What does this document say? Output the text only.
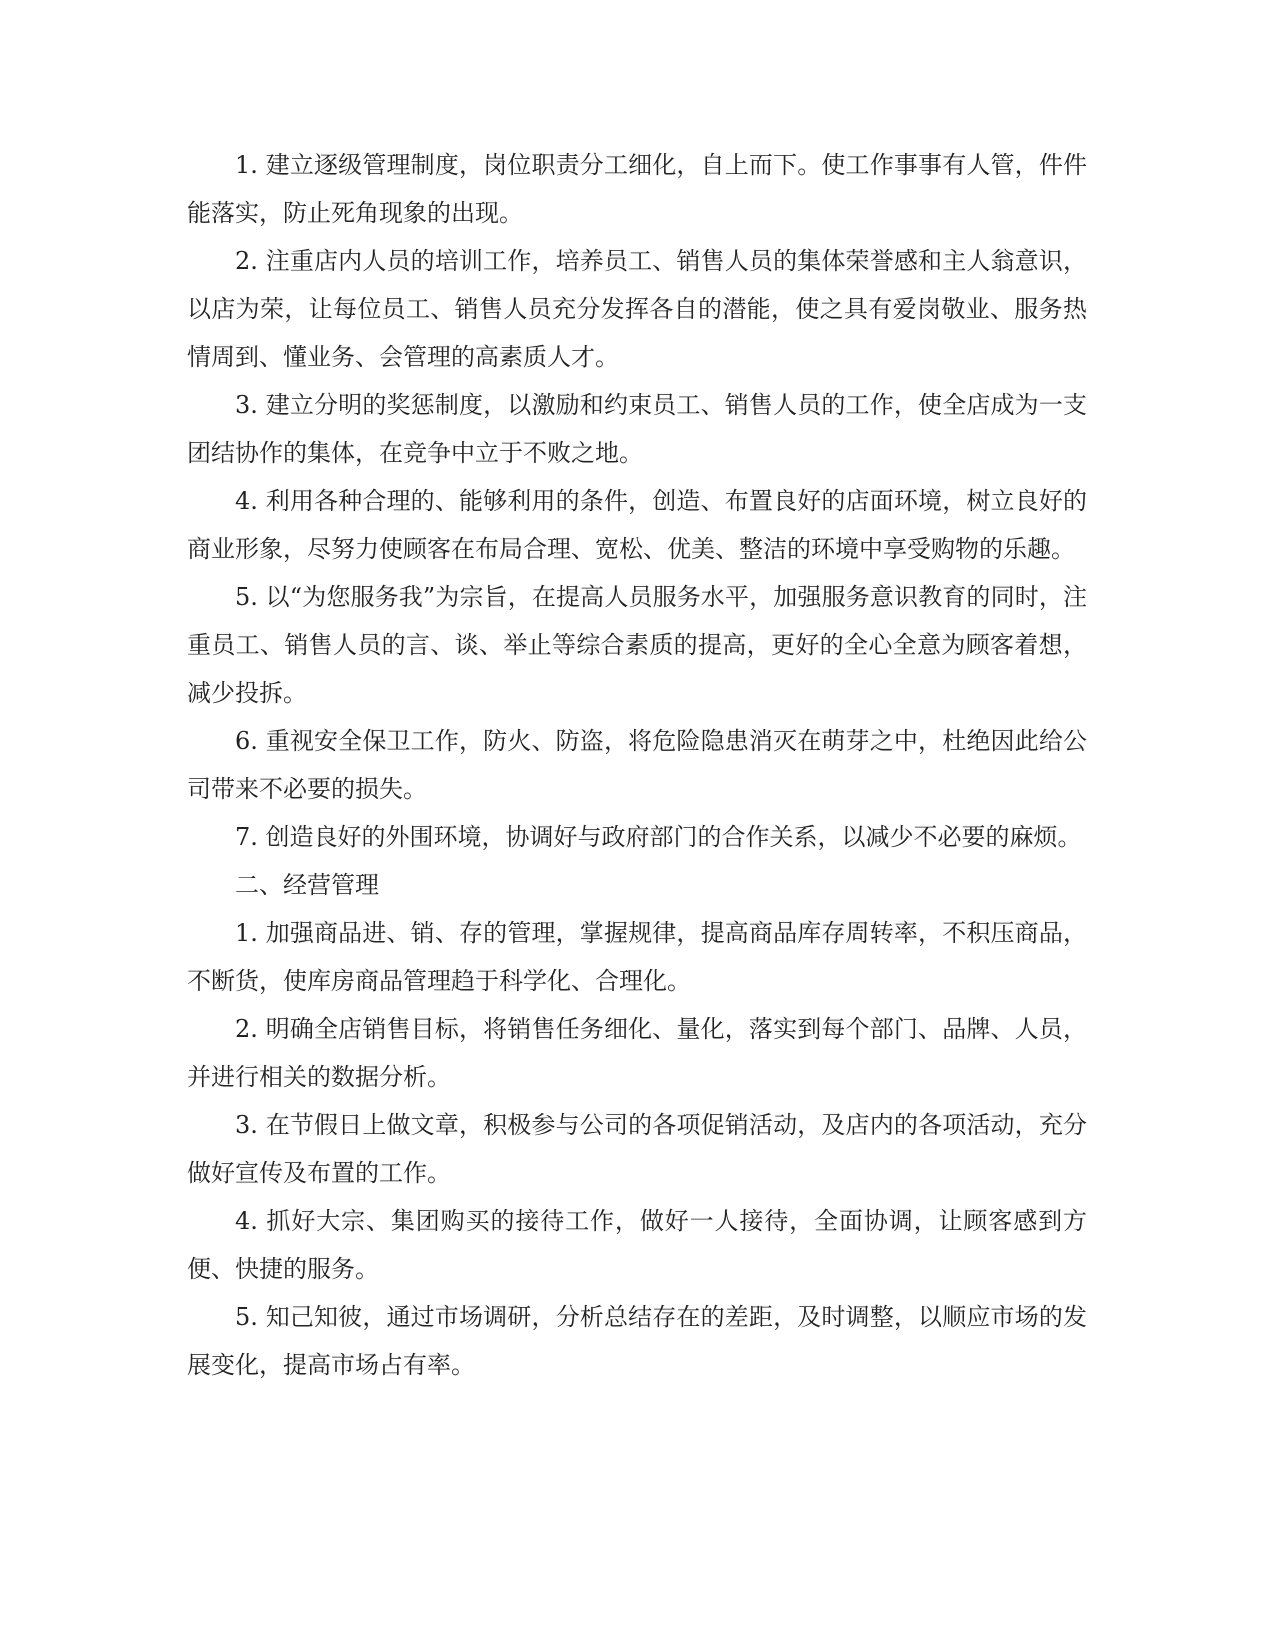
1. 建立逐级管理制度，岗位职责分工细化，自上而下。使工作事事有人管，件件能落实，防止死角现象的出现。

2. 注重店内人员的培训工作，培养员工、销售人员的集体荣誉感和主人翁意识，以店为荣，让每位员工、销售人员充分发挥各自的潜能，使之具有爱岗敬业、服务热情周到、懂业务、会管理的高素质人才。

3. 建立分明的奖惩制度，以激励和约束员工、销售人员的工作，使全店成为一支团结协作的集体，在竞争中立于不败之地。

4. 利用各种合理的、能够利用的条件，创造、布置良好的店面环境，树立良好的商业形象，尽努力使顾客在布局合理、宽松、优美、整洁的环境中享受购物的乐趣。

5. 以“为您服务我”为宗旨，在提高人员服务水平，加强服务意识教育的同时，注重员工、销售人员的言、谈、举止等综合素质的提高，更好的全心全意为顾客着想，减少投拆。

6. 重视安全保卫工作，防火、防盗，将危险隐患消灭在萌芽之中，杜绝因此给公司带来不必要的损失。

7. 创造良好的外围环境，协调好与政府部门的合作关系，以减少不必要的麻烦。

二、经营管理

1. 加强商品进、销、存的管理，掌握规律，提高商品库存周转率，不积压商品，不断货，使库房商品管理趋于科学化、合理化。

2. 明确全店销售目标，将销售任务细化、量化，落实到每个部门、品牌、人员，并进行相关的数据分析。

3. 在节假日上做文章，积极参与公司的各项促销活动，及店内的各项活动，充分做好宣传及布置的工作。

4. 抓好大宗、集团购买的接待工作，做好一人接待，全面协调，让顾客感到方便、快捷的服务。

5. 知己知彼，通过市场调研，分析总结存在的差距，及时调整，以顺应市场的发展变化，提高市场占有率。
